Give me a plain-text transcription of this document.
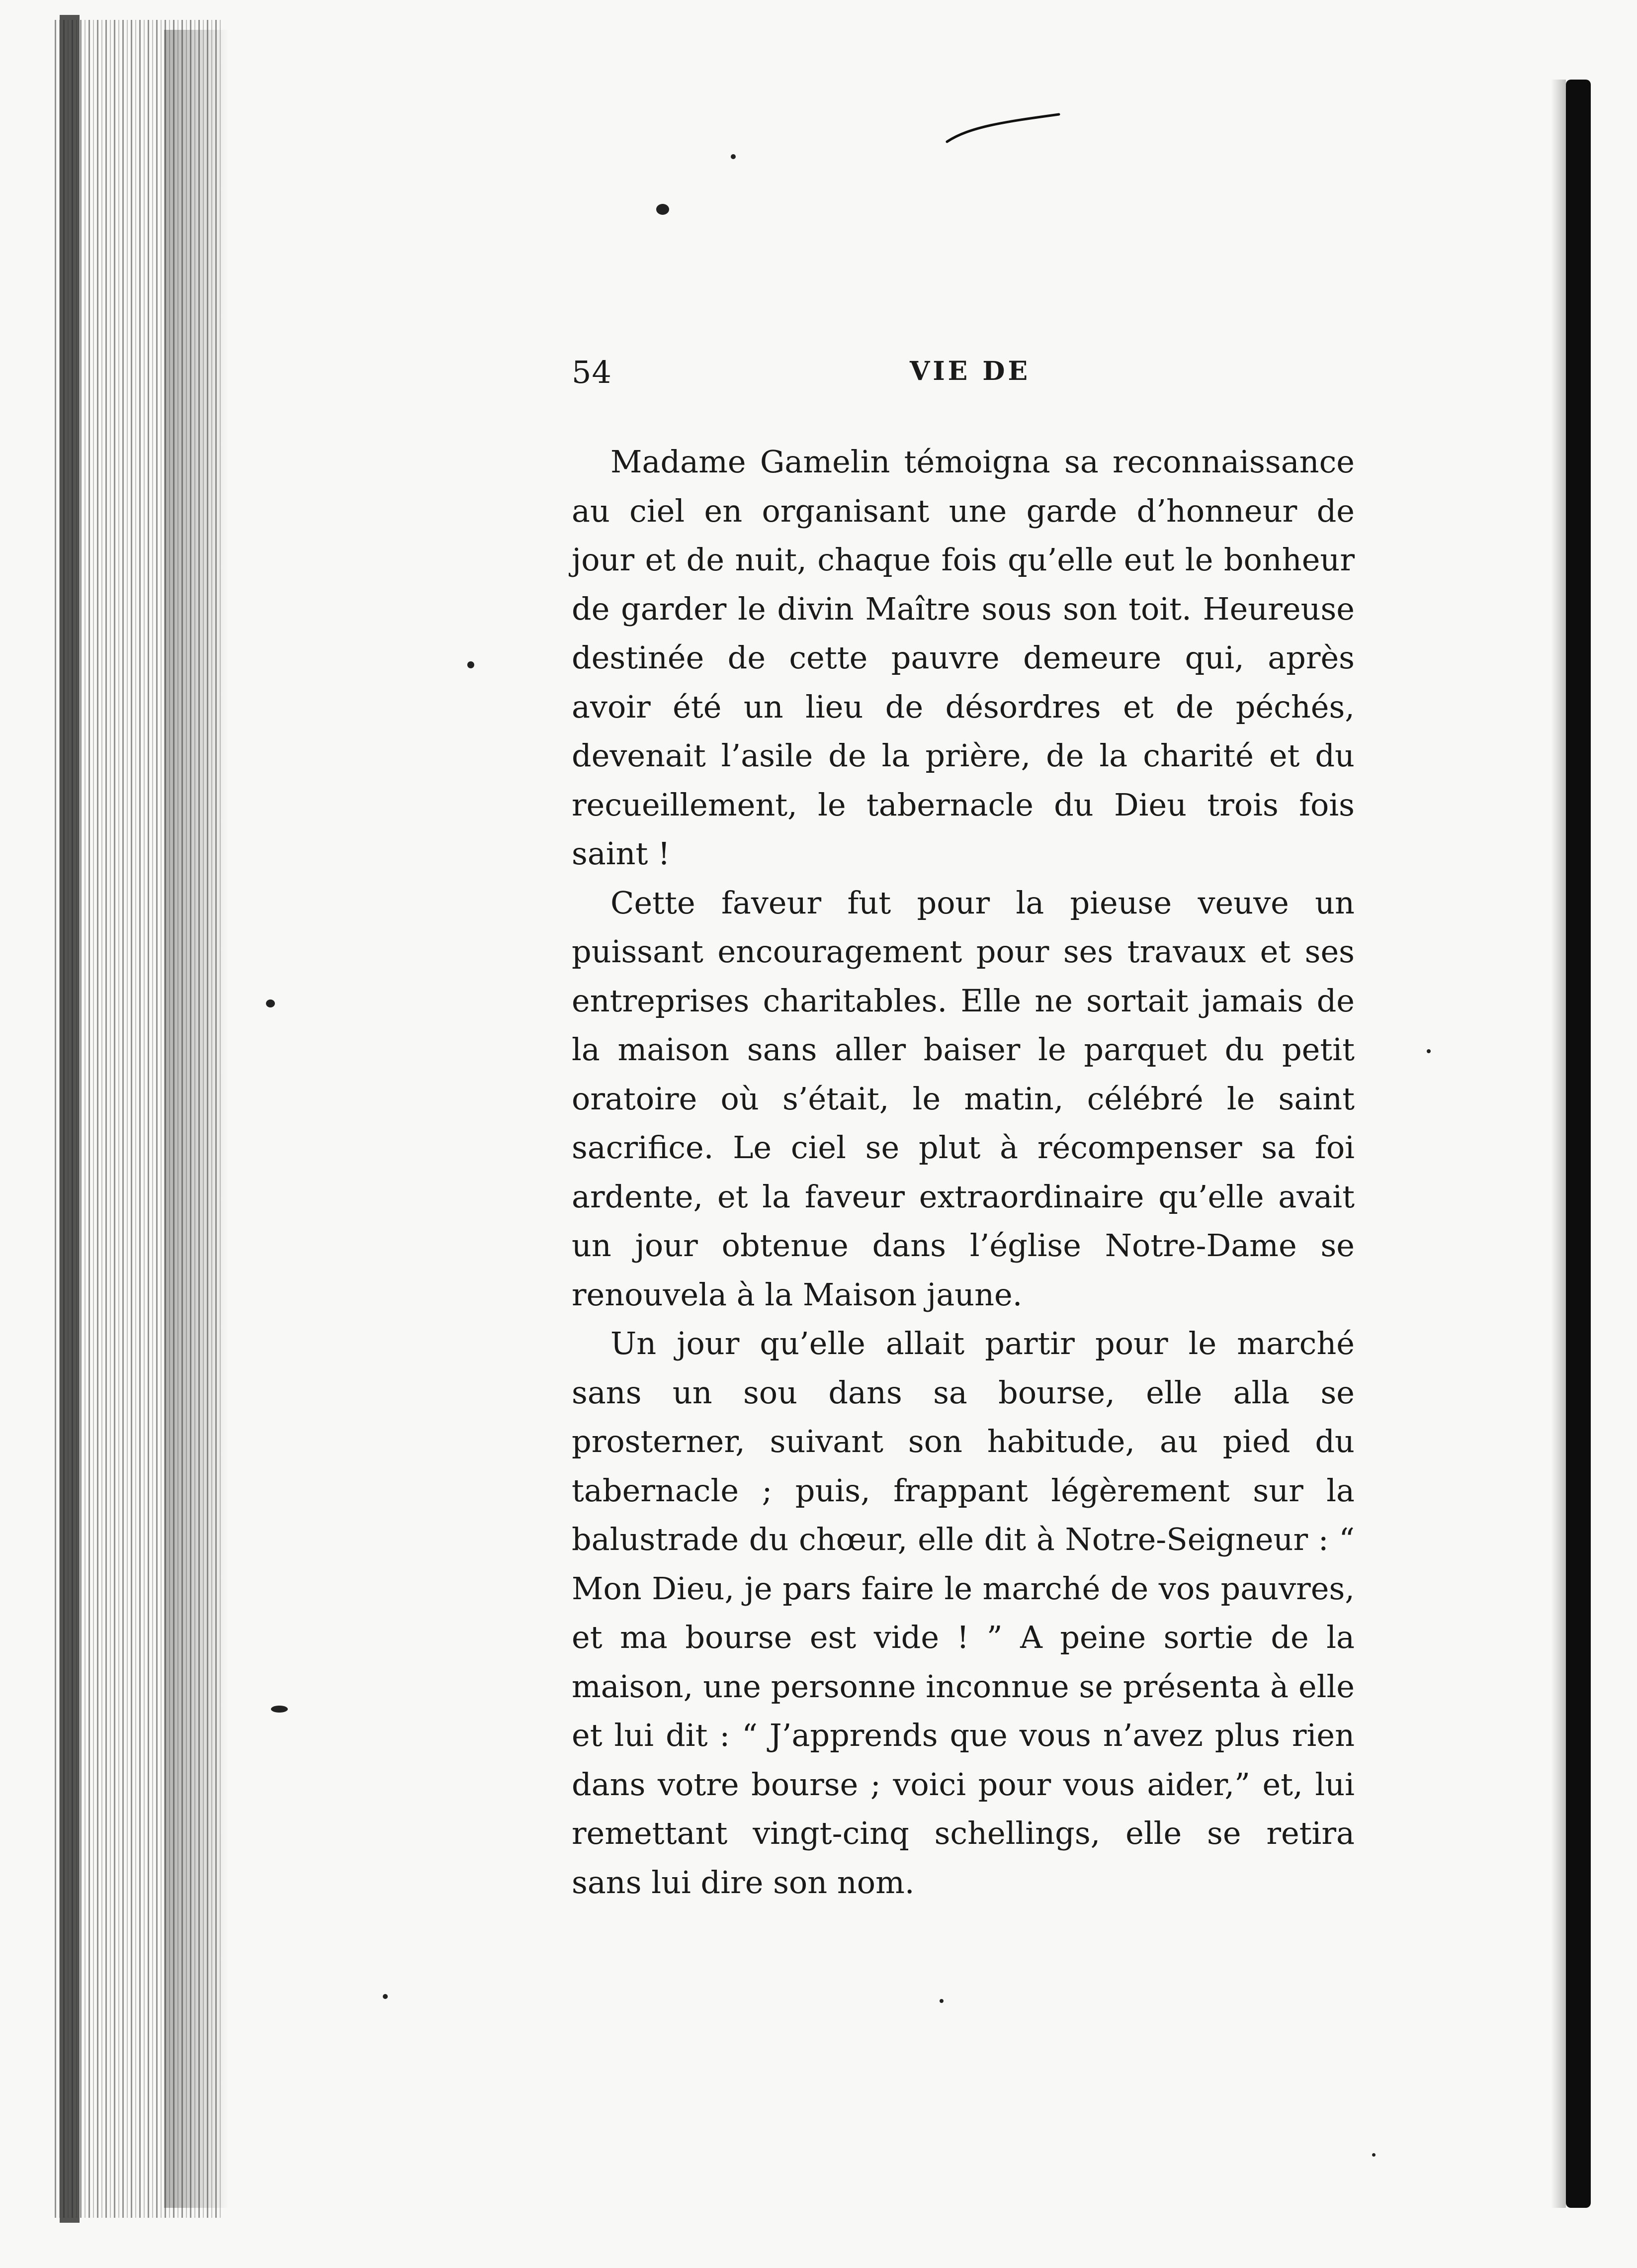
54	VIE DE

Madame Gamelin témoigna sa reconnaissance au ciel en organisant une garde d’honneur de jour et de nuit, chaque fois qu’elle eut le bonheur de garder le divin Maître sous son toit. Heureuse destinée de cette pauvre demeure qui, après avoir été un lieu de désordres et de péchés, devenait l’asile de la prière, de la charité et du recueillement, le tabernacle du Dieu trois fois saint !

Cette faveur fut pour la pieuse veuve un puissant encouragement pour ses travaux et ses entreprises charitables. Elle ne sortait jamais de la maison sans aller baiser le parquet du petit oratoire où s’était, le matin, célébré le saint sacrifice. Le ciel se plut à récompenser sa foi ardente, et la faveur extraordinaire qu’elle avait un jour obtenue dans l’église Notre-Dame se renouvela à la Maison jaune.

Un jour qu’elle allait partir pour le marché sans un sou dans sa bourse, elle alla se prosterner, suivant son habitude, au pied du tabernacle ; puis, frappant légèrement sur la balustrade du chœur, elle dit à Notre-Seigneur : “ Mon Dieu, je pars faire le marché de vos pauvres, et ma bourse est vide ! ” A peine sortie de la maison, une personne inconnue se présenta à elle et lui dit : “ J’apprends que vous n’avez plus rien dans votre bourse ; voici pour vous aider,” et, lui remettant vingt-cinq schellings, elle se retira sans lui dire son nom.
